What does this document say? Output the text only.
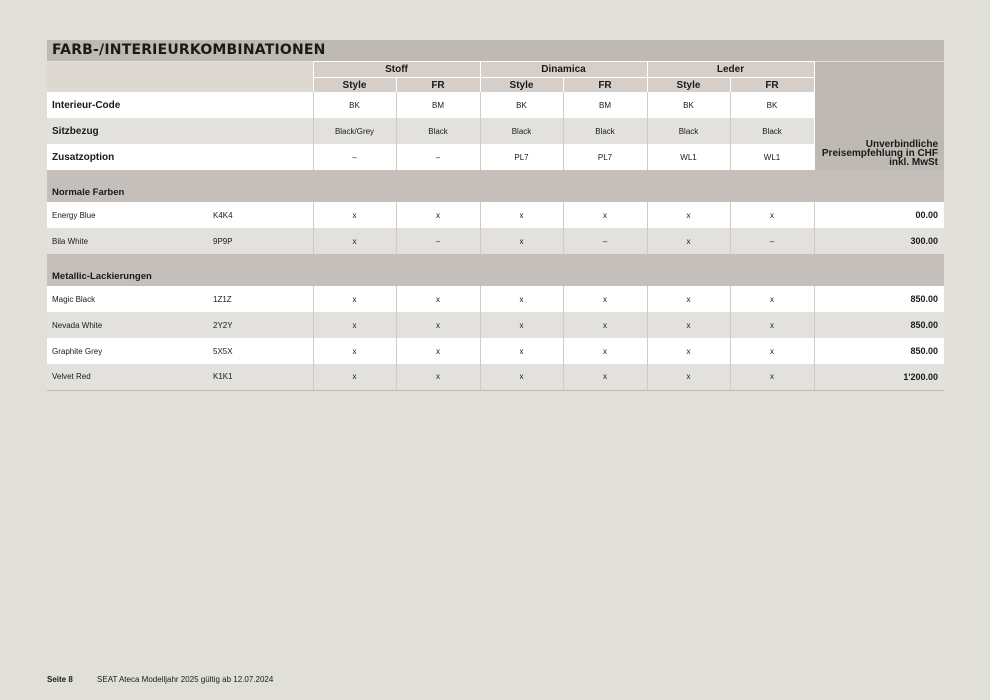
FARB-/INTERIEURKOMBINATIONEN
		Stoff		Dinamica		Leder		Unverbindliche
Preisempfehlung in CHF
inkl. MwSt

		Style	FR	Style	FR	Style	FR	
Interieur-Code		BK	BM	BK	BM	BK	BK	
Sitzbezug		Black/Grey	Black	Black	Black	Black	Black	
Zusatzoption		–	–	PL7	PL7	WL1	WL1	
Normale Farben								
Energy Blue	K4K4	x	x	x	x	x	x	00.00
Bila White	9P9P	x	–	x	–	x	–	300.00
Metallic-Lackierungen								
Magic Black	1Z1Z	x	x	x	x	x	x	850.00
Nevada White	2Y2Y	x	x	x	x	x	x	850.00
Graphite Grey	5X5X	x	x	x	x	x	x	850.00
Velvet Red	K1K1	x	x	x	x	x	x	1'200.00
Seite 8	SEAT Ateca Modelljahr 2025 gültig ab 12.07.2024
